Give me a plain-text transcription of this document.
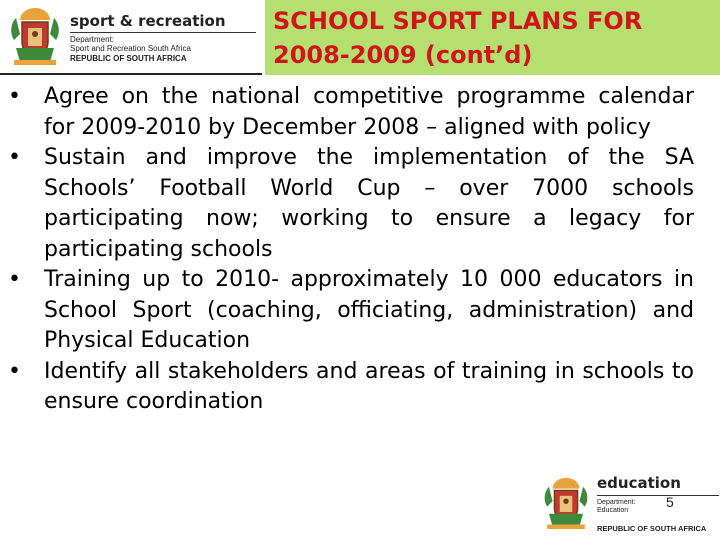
sport & recreation
Department:
Sport and Recreation South Africa
REPUBLIC OF SOUTH AFRICA
SCHOOL SPORT PLANS FOR
2008-2009 (cont’d)
• Agree on the national competitive programme calendar for 2009-2010 by December 2008 – aligned with policy
• Sustain and improve the implementation of the SA Schools’ Football World Cup – over 7000 schools participating now; working to ensure a legacy for participating schools
• Training up to 2010- approximately 10 000 educators in School Sport (coaching, officiating, administration) and Physical Education
• Identify all stakeholders and areas of training in schools to ensure coordination
education
Department:
Education
REPUBLIC OF SOUTH AFRICA
5
